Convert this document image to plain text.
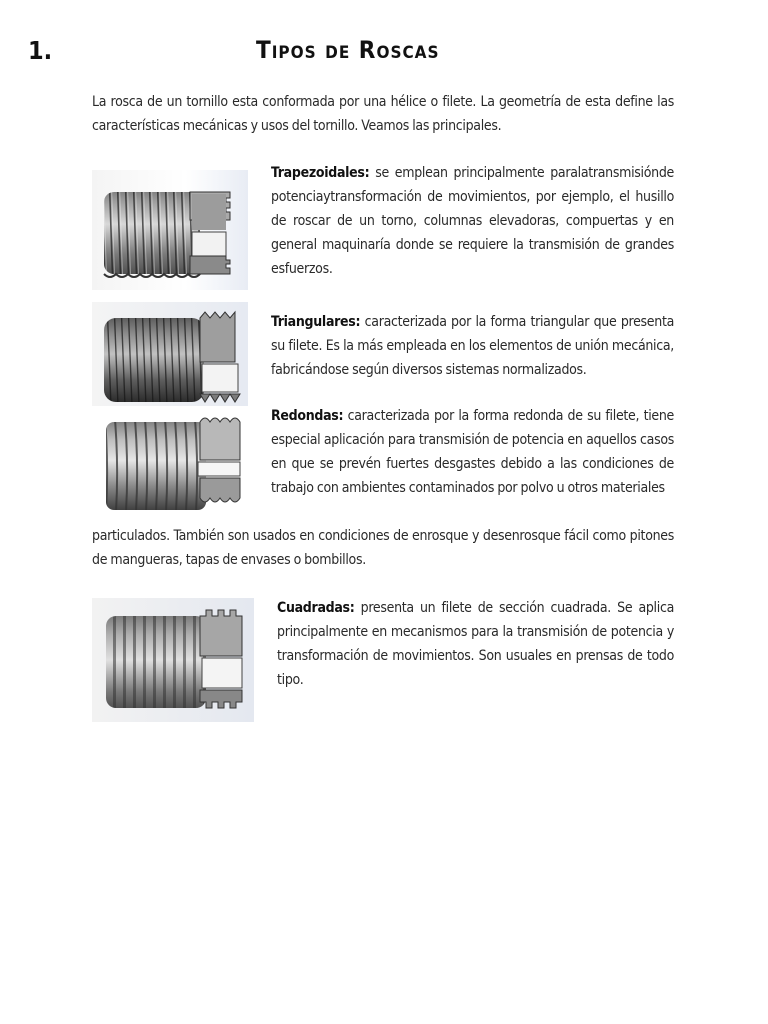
1.	Tipos de Roscas

La rosca de un tornillo esta conformada por una hélice o filete. La geometría de esta define las características mecánicas y usos del tornillo. Veamos las principales.

Trapezoidales: se emplean principalmente paralatransmisióndе potenciaytransformación de movimientos, por ejemplo, el husillo de roscar de un torno, columnas elevadoras, compuertas y en general maquinaría donde se requiere la transmisión de grandes esfuerzos.

Triangulares: caracterizada por la forma triangular que presenta su filete. Es la más empleada en los elementos de unión mecánica, fabricándose según diversos sistemas normalizados.

Redondas: caracterizada por la forma redonda de su filete, tiene especial aplicación para transmisión de potencia en aquellos casos en que se prevén fuertes desgastes debido a las condiciones de trabajo con ambientes contaminados por polvo u otros materiales

particulados. También son usados en condiciones de enrosque y desenrosque fácil como pitones de mangueras, tapas de envases o bombillos.

Cuadradas: presenta un filete de sección cuadrada. Se aplica principalmente en mecanismos para la transmisión de potencia y transformación de movimientos. Son usuales en prensas de todo tipo.
